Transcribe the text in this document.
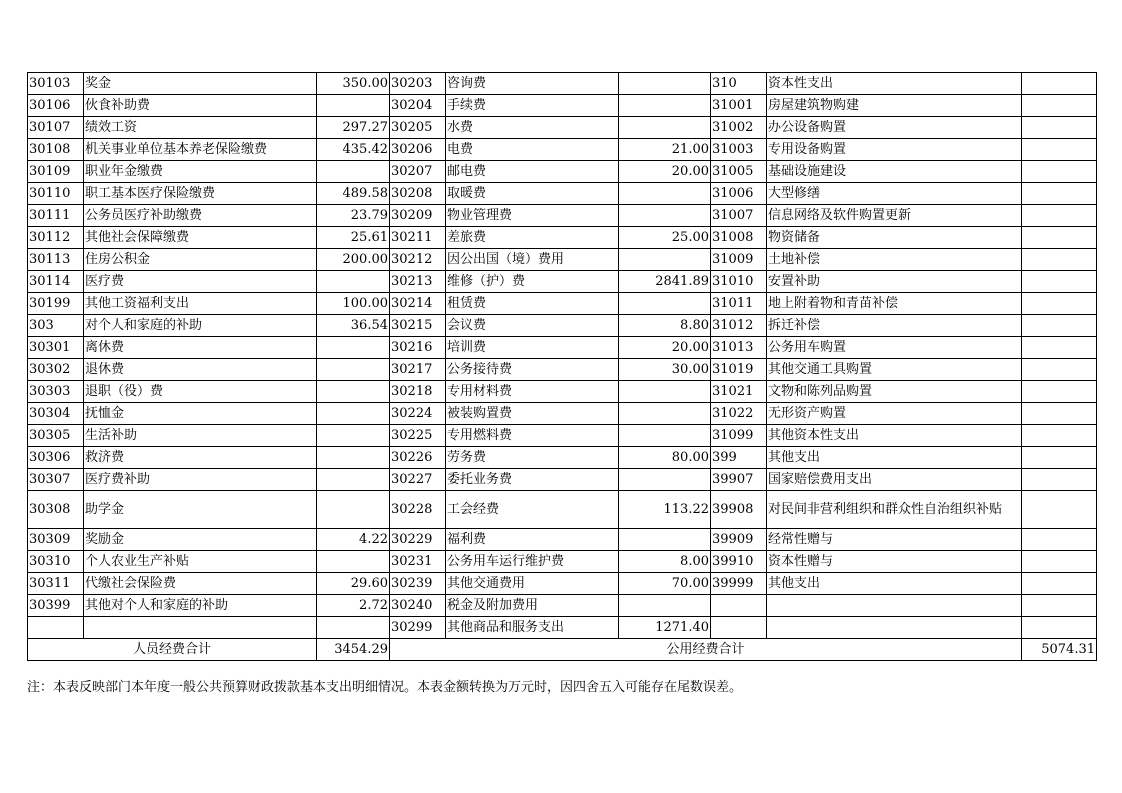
30103	奖金	350.00	30203	咨询费		310	资本性支出	
30106	伙食补助费		30204	手续费		31001	房屋建筑物购建	
30107	绩效工资	297.27	30205	水费		31002	办公设备购置	
30108	机关事业单位基本养老保险缴费	435.42	30206	电费	21.00	31003	专用设备购置	
30109	职业年金缴费		30207	邮电费	20.00	31005	基础设施建设	
30110	职工基本医疗保险缴费	489.58	30208	取暖费		31006	大型修缮	
30111	公务员医疗补助缴费	23.79	30209	物业管理费		31007	信息网络及软件购置更新	
30112	其他社会保障缴费	25.61	30211	差旅费	25.00	31008	物资储备	
30113	住房公积金	200.00	30212	因公出国（境）费用		31009	土地补偿	
30114	医疗费		30213	维修（护）费	2841.89	31010	安置补助	
30199	其他工资福利支出	100.00	30214	租赁费		31011	地上附着物和青苗补偿	
303	对个人和家庭的补助	36.54	30215	会议费	8.80	31012	拆迁补偿	
30301	离休费		30216	培训费	20.00	31013	公务用车购置	
30302	退休费		30217	公务接待费	30.00	31019	其他交通工具购置	
30303	退职（役）费		30218	专用材料费		31021	文物和陈列品购置	
30304	抚恤金		30224	被装购置费		31022	无形资产购置	
30305	生活补助		30225	专用燃料费		31099	其他资本性支出	
30306	救济费		30226	劳务费	80.00	399	其他支出	
30307	医疗费补助		30227	委托业务费		39907	国家赔偿费用支出	
30308	助学金		30228	工会经费	113.22	39908	对民间非营利组织和群众性自治组织补贴	
30309	奖励金	4.22	30229	福利费		39909	经常性赠与	
30310	个人农业生产补贴		30231	公务用车运行维护费	8.00	39910	资本性赠与	
30311	代缴社会保险费	29.60	30239	其他交通费用	70.00	39999	其他支出	
30399	其他对个人和家庭的补助	2.72	30240	税金及附加费用				
			30299	其他商品和服务支出	1271.40			
人员经费合计		3454.29	公用经费合计					5074.31
注：本表反映部门本年度一般公共预算财政拨款基本支出明细情况。本表金额转换为万元时，因四舍五入可能存在尾数误差。
